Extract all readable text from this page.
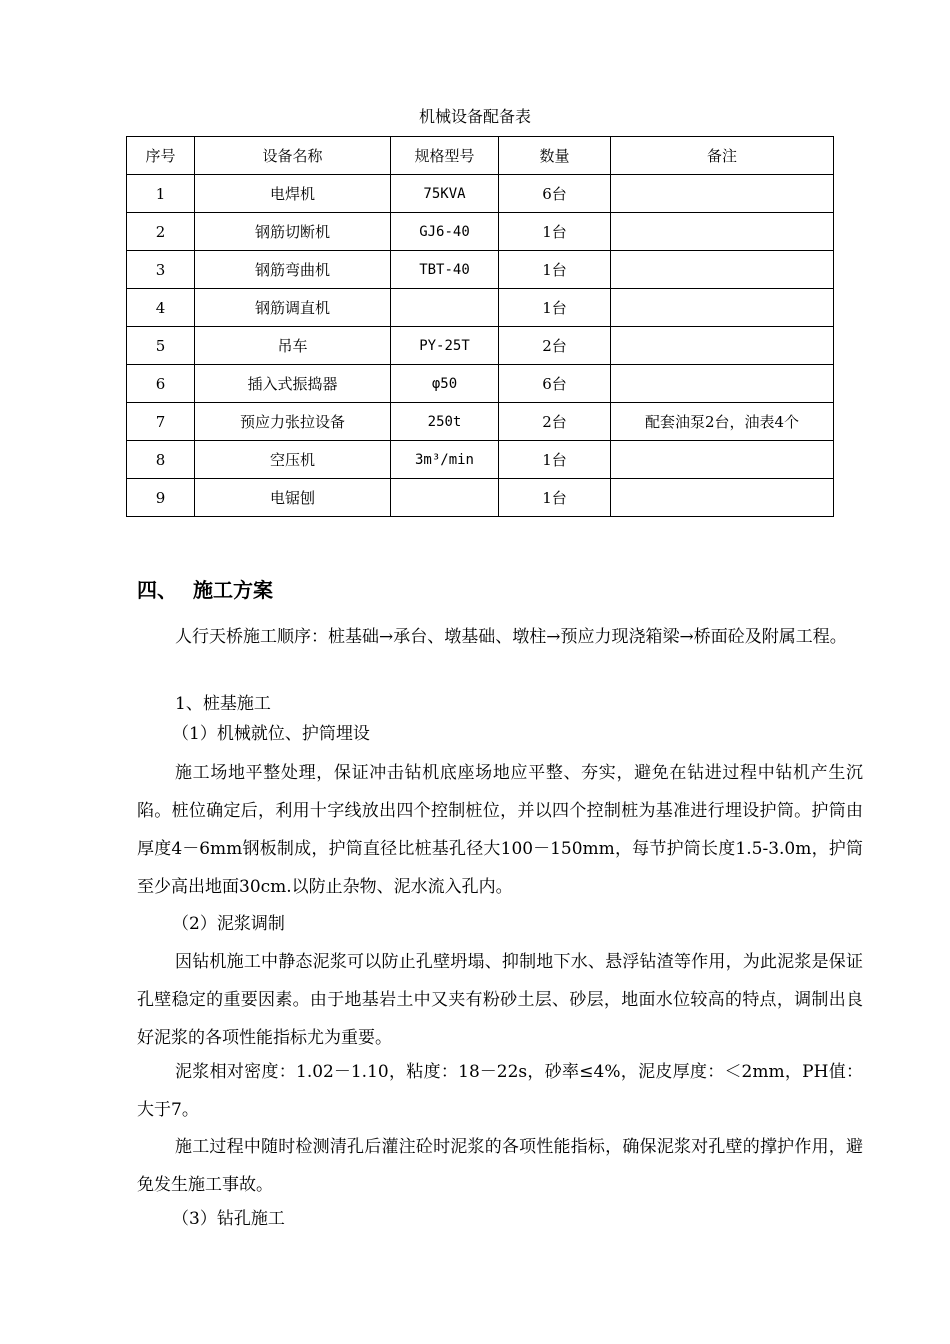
机械设备配备表
序号	设备名称	规格型号	数量	备注
1	电焊机	75KVA	6台	
2	钢筋切断机	GJ6-40	1台	
3	钢筋弯曲机	TBT-40	1台	
4	钢筋调直机		1台	
5	吊车	PY-25T	2台	
6	插入式振捣器	φ50	6台	
7	预应力张拉设备	250t	2台	配套油泵2台，油表4个
8	空压机	3m³/min	1台	
9	电锯刨		1台	
四、 施工方案
人行天桥施工顺序：桩基础→承台、墩基础、墩柱→预应力现浇箱梁→桥面砼及附属工程。
1、桩基施工
（1）机械就位、护筒埋设
施工场地平整处理，保证冲击钻机底座场地应平整、夯实，避免在钻进过程中钻机产生沉陷。桩位确定后，利用十字线放出四个控制桩位，并以四个控制桩为基准进行埋设护筒。护筒由厚度4－6mm钢板制成，护筒直径比桩基孔径大100－150mm，每节护筒长度1.5-3.0m，护筒至少高出地面30cm.以防止杂物、泥水流入孔内。
（2）泥浆调制
因钻机施工中静态泥浆可以防止孔壁坍塌、抑制地下水、悬浮钻渣等作用，为此泥浆是保证孔壁稳定的重要因素。由于地基岩土中又夹有粉砂土层、砂层，地面水位较高的特点，调制出良好泥浆的各项性能指标尤为重要。
泥浆相对密度：1.02－1.10，粘度：18－22s，砂率≤4%，泥皮厚度：＜2mm，PH值：大于7。
施工过程中随时检测清孔后灌注砼时泥浆的各项性能指标，确保泥浆对孔壁的撑护作用，避免发生施工事故。
（3）钻孔施工
